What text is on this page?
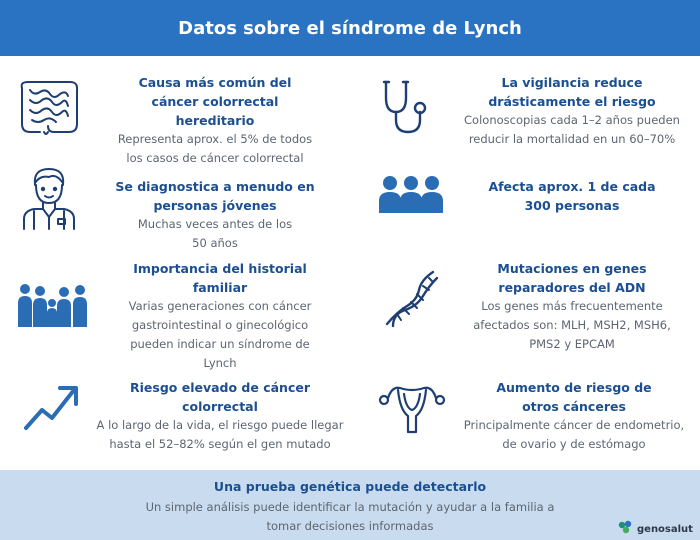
Datos sobre el síndrome de Lynch
Causa más común del cáncer colorrectal hereditario
Representa aprox. el 5% de todos los casos de cáncer colorrectal
La vigilancia reduce drásticamente el riesgo
Colonoscopias cada 1–2 años pueden reducir la mortalidad en un 60–70%
Se diagnostica a menudo en personas jóvenes
Muchas veces antes de los 50 años
Afecta aprox. 1 de cada 300 personas
Importancia del historial familiar
Varias generaciones con cáncer gastrointestinal o ginecológico pueden indicar un síndrome de Lynch
Mutaciones en genes reparadores del ADN
Los genes más frecuentemente afectados son: MLH, MSH2, MSH6, PMS2 y EPCAM
Riesgo elevado de cáncer colorrectal
A lo largo de la vida, el riesgo puede llegar hasta el 52–82% según el gen mutado
Aumento de riesgo de otros cánceres
Principalmente cáncer de endometrio, de ovario y de estómago
Una prueba genética puede detectarlo
Un simple análisis puede identificar la mutación y ayudar a la familia a tomar decisiones informadas	genosalut
